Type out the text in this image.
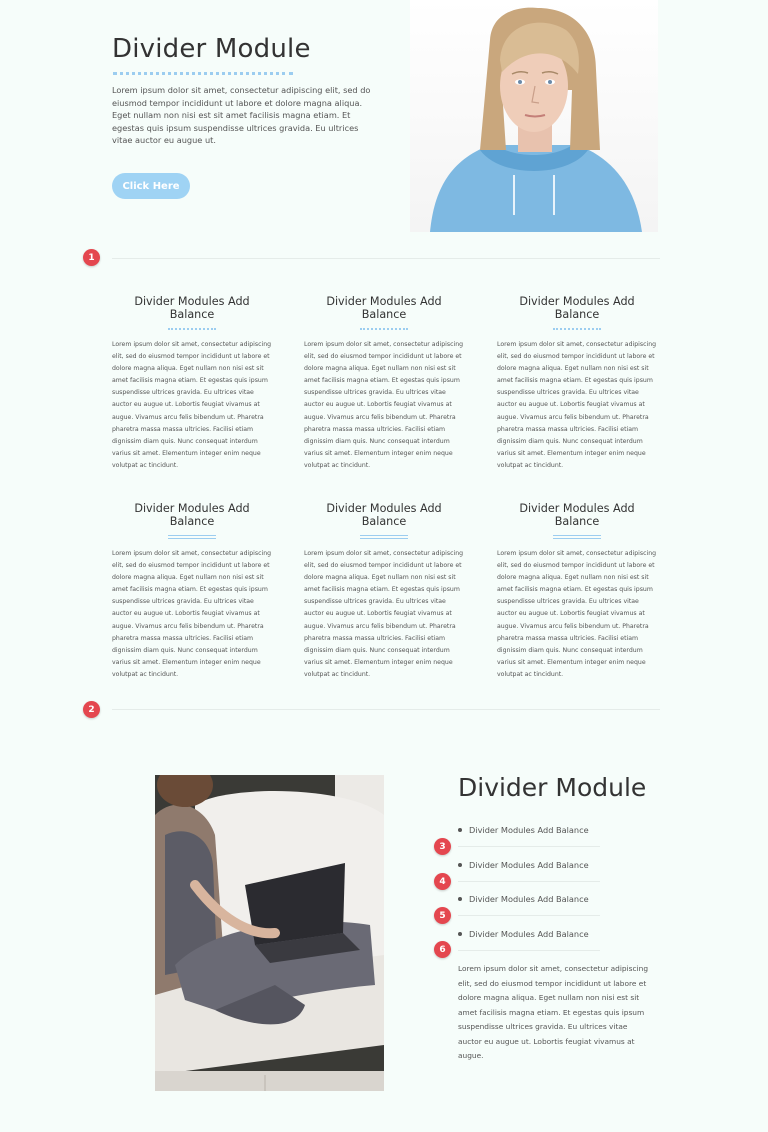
Divider Module

Lorem ipsum dolor sit amet, consectetur adipiscing elit, sed do eiusmod tempor incididunt ut labore et dolore magna aliqua. Eget nullam non nisi est sit amet facilisis magna etiam. Et egestas quis ipsum suspendisse ultrices gravida. Eu ultrices vitae auctor eu augue ut.

Click Here
1
Divider Modules Add Balance

Lorem ipsum dolor sit amet, consectetur adipiscing elit, sed do eiusmod tempor incididunt ut labore et dolore magna aliqua. Eget nullam non nisi est sit amet facilisis magna etiam. Et egestas quis ipsum suspendisse ultrices gravida. Eu ultrices vitae auctor eu augue ut. Lobortis feugiat vivamus at augue. Vivamus arcu felis bibendum ut. Pharetra pharetra massa massa ultricies. Facilisi etiam dignissim diam quis. Nunc consequat interdum varius sit amet. Elementum integer enim neque volutpat ac tincidunt.

Divider Modules Add Balance

Lorem ipsum dolor sit amet, consectetur adipiscing elit, sed do eiusmod tempor incididunt ut labore et dolore magna aliqua. Eget nullam non nisi est sit amet facilisis magna etiam. Et egestas quis ipsum suspendisse ultrices gravida. Eu ultrices vitae auctor eu augue ut. Lobortis feugiat vivamus at augue. Vivamus arcu felis bibendum ut. Pharetra pharetra massa massa ultricies. Facilisi etiam dignissim diam quis. Nunc consequat interdum varius sit amet. Elementum integer enim neque volutpat ac tincidunt.

Divider Modules Add Balance

Lorem ipsum dolor sit amet, consectetur adipiscing elit, sed do eiusmod tempor incididunt ut labore et dolore magna aliqua. Eget nullam non nisi est sit amet facilisis magna etiam. Et egestas quis ipsum suspendisse ultrices gravida. Eu ultrices vitae auctor eu augue ut. Lobortis feugiat vivamus at augue. Vivamus arcu felis bibendum ut. Pharetra pharetra massa massa ultricies. Facilisi etiam dignissim diam quis. Nunc consequat interdum varius sit amet. Elementum integer enim neque volutpat ac tincidunt.

Divider Modules Add Balance

Lorem ipsum dolor sit amet, consectetur adipiscing elit, sed do eiusmod tempor incididunt ut labore et dolore magna aliqua. Eget nullam non nisi est sit amet facilisis magna etiam. Et egestas quis ipsum suspendisse ultrices gravida. Eu ultrices vitae auctor eu augue ut. Lobortis feugiat vivamus at augue. Vivamus arcu felis bibendum ut. Pharetra pharetra massa massa ultricies. Facilisi etiam dignissim diam quis. Nunc consequat interdum varius sit amet. Elementum integer enim neque volutpat ac tincidunt.

Divider Modules Add Balance

Lorem ipsum dolor sit amet, consectetur adipiscing elit, sed do eiusmod tempor incididunt ut labore et dolore magna aliqua. Eget nullam non nisi est sit amet facilisis magna etiam. Et egestas quis ipsum suspendisse ultrices gravida. Eu ultrices vitae auctor eu augue ut. Lobortis feugiat vivamus at augue. Vivamus arcu felis bibendum ut. Pharetra pharetra massa massa ultricies. Facilisi etiam dignissim diam quis. Nunc consequat interdum varius sit amet. Elementum integer enim neque volutpat ac tincidunt.

Divider Modules Add Balance

Lorem ipsum dolor sit amet, consectetur adipiscing elit, sed do eiusmod tempor incididunt ut labore et dolore magna aliqua. Eget nullam non nisi est sit amet facilisis magna etiam. Et egestas quis ipsum suspendisse ultrices gravida. Eu ultrices vitae auctor eu augue ut. Lobortis feugiat vivamus at augue. Vivamus arcu felis bibendum ut. Pharetra pharetra massa massa ultricies. Facilisi etiam dignissim diam quis. Nunc consequat interdum varius sit amet. Elementum integer enim neque volutpat ac tincidunt.

2
Divider Module
Divider Modules Add Balance
Divider Modules Add Balance
Divider Modules Add Balance
Divider Modules Add Balance
3
4
5
6

Lorem ipsum dolor sit amet, consectetur adipiscing elit, sed do eiusmod tempor incididunt ut labore et dolore magna aliqua. Eget nullam non nisi est sit amet facilisis magna etiam. Et egestas quis ipsum suspendisse ultrices gravida. Eu ultrices vitae auctor eu augue ut. Lobortis feugiat vivamus at augue.
